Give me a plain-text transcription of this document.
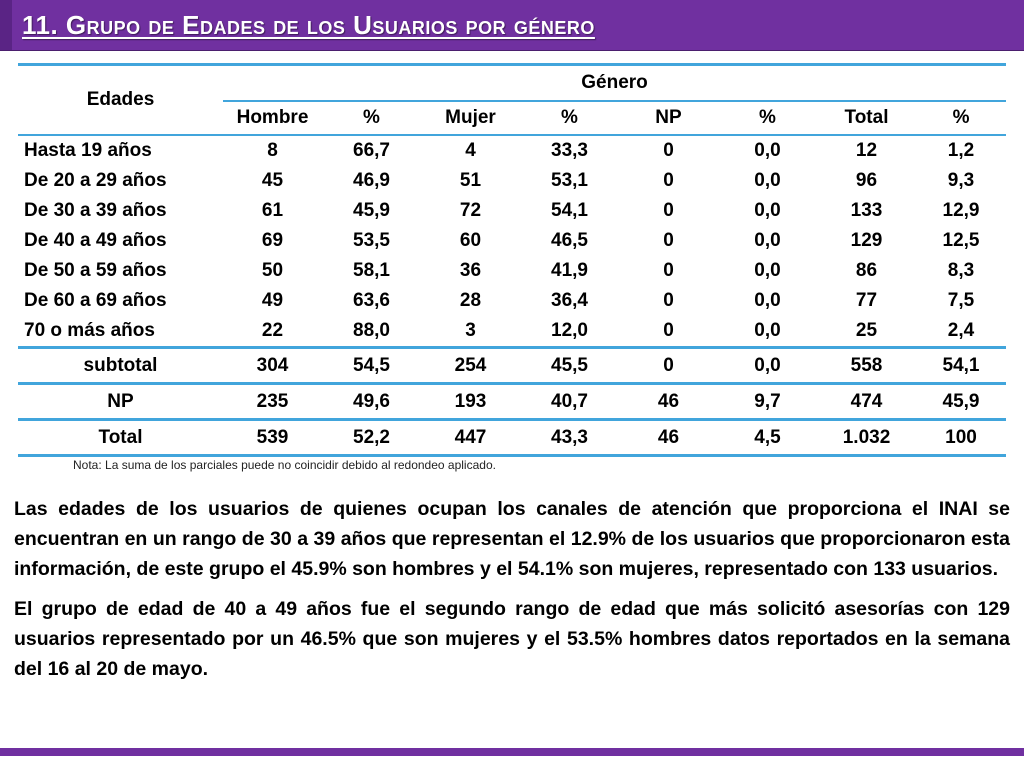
11. Grupo de Edades de los Usuarios por género
Edades	Género							
	Hombre	%	Mujer	%	NP	%	Total	%
Hasta 19 años	8	66,7	4	33,3	0	0,0	12	1,2
De 20 a 29 años	45	46,9	51	53,1	0	0,0	96	9,3
De 30 a 39 años	61	45,9	72	54,1	0	0,0	133	12,9
De 40 a 49 años	69	53,5	60	46,5	0	0,0	129	12,5
De 50 a 59 años	50	58,1	36	41,9	0	0,0	86	8,3
De 60 a 69 años	49	63,6	28	36,4	0	0,0	77	7,5
70 o más años	22	88,0	3	12,0	0	0,0	25	2,4
subtotal	304	54,5	254	45,5	0	0,0	558	54,1
NP	235	49,6	193	40,7	46	9,7	474	45,9
Total	539	52,2	447	43,3	46	4,5	1.032	100
Nota: La suma de los parciales puede no coincidir debido al redondeo aplicado.

Las edades de los usuarios de quienes ocupan los canales de atención que proporciona el INAI se encuentran en un rango de 30 a 39 años que representan el 12.9% de los usuarios que proporcionaron esta información, de este grupo el 45.9% son hombres y el 54.1% son mujeres, representado con 133 usuarios.

El grupo de edad de 40 a 49 años fue el segundo rango de edad que más solicitó asesorías con 129 usuarios representado por un 46.5% que son mujeres y el 53.5% hombres datos reportados en la semana del 16 al 20 de mayo.
